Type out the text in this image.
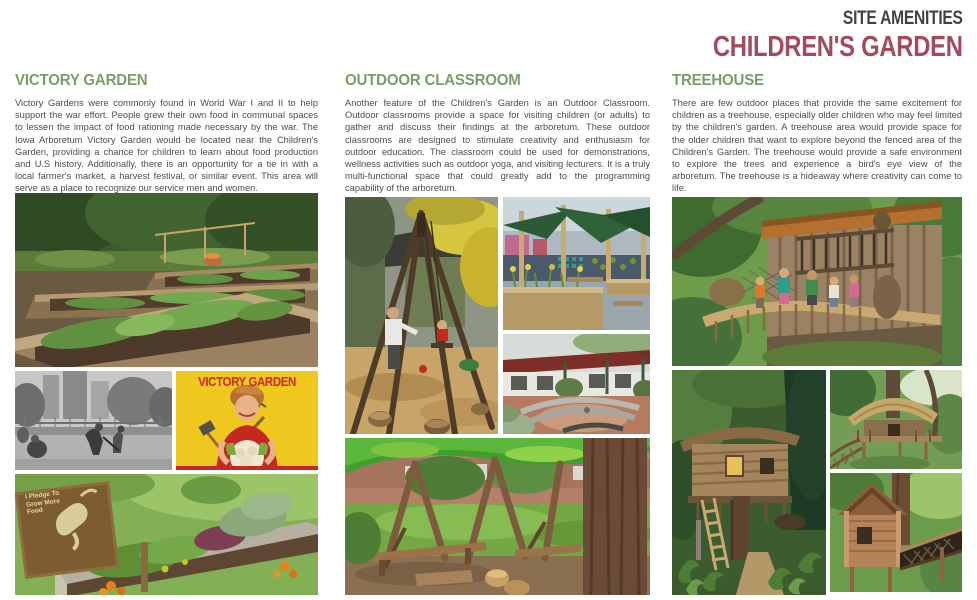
SITE AMENITIES
CHILDREN'S GARDEN
VICTORY GARDEN

Victory Gardens were commonly found in World War I and II to help support the war effort. People grew their own food in communal spaces to lessen the impact of food rationing made necessary by the war. The Iowa Arboretum Victory Garden would be located near the Children's Garden, providing a chance for children to learn about food production and U.S history. Additionally, there is an opportunity for a tie in with a local farmer's market, a harvest festival, or similar event. This area will serve as a place to recognize our service men and women.

VICTORY GARDEN
I Pledge To Grow More Food
OUTDOOR CLASSROOM

Another feature of the Children's Garden is an Outdoor Classroom. Outdoor classrooms provide a space for visiting children (or adults) to gather and discuss their findings at the arboretum. These outdoor classrooms are designed to stimulate creativity and enthusiasm for outdoor education. The classroom could be used for demonstrations, wellness activities such as outdoor yoga, and visiting lecturers. It is a truly multi-functional space that could greatly add to the programming capability of the arboretum.

TREEHOUSE

There are few outdoor places that provide the same excitement for children as a treehouse, especially older children who may feel limited by the children's garden. A treehouse area would provide space for the older children that want to explore beyond the fenced area of the Children's Garden. The treehouse would provide a safe environment to explore the trees and experience a bird's eye view of the arboretum. The treehouse is a hideaway where creativity can come to life.
